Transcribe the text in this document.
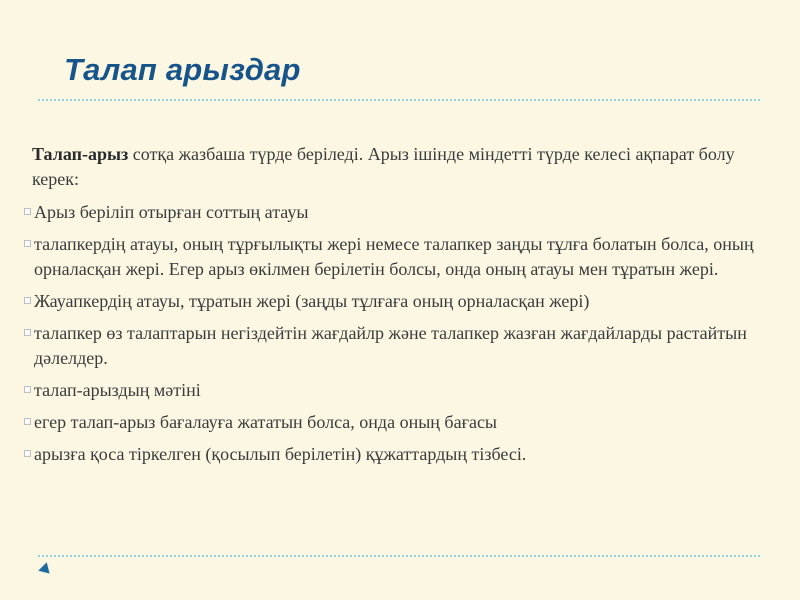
Талап арыздар

Талап-арыз сотқа жазбаша түрде беріледі. Арыз ішінде міндетті түрде келесі ақпарат болу керек:

Арыз беріліп отырған соттың атауы
талапкердің атауы, оның тұрғылықты жері немесе талапкер заңды тұлға болатын болса, оның орналасқан жері. Егер арыз өкілмен берілетін болсы, онда оның атауы мен тұратын жері.
Жауапкердің атауы, тұратын жері (заңды тұлғаға оның орналасқан жері)
талапкер өз талаптарын негіздейтін жағдайлр және талапкер жазған жағдайларды растайтын дәлелдер.
талап-арыздың мәтіні
егер талап-арыз бағалауға жататын болса, онда оның бағасы
арызға қоса тіркелген (қосылып берілетін) құжаттардың тізбесі.
